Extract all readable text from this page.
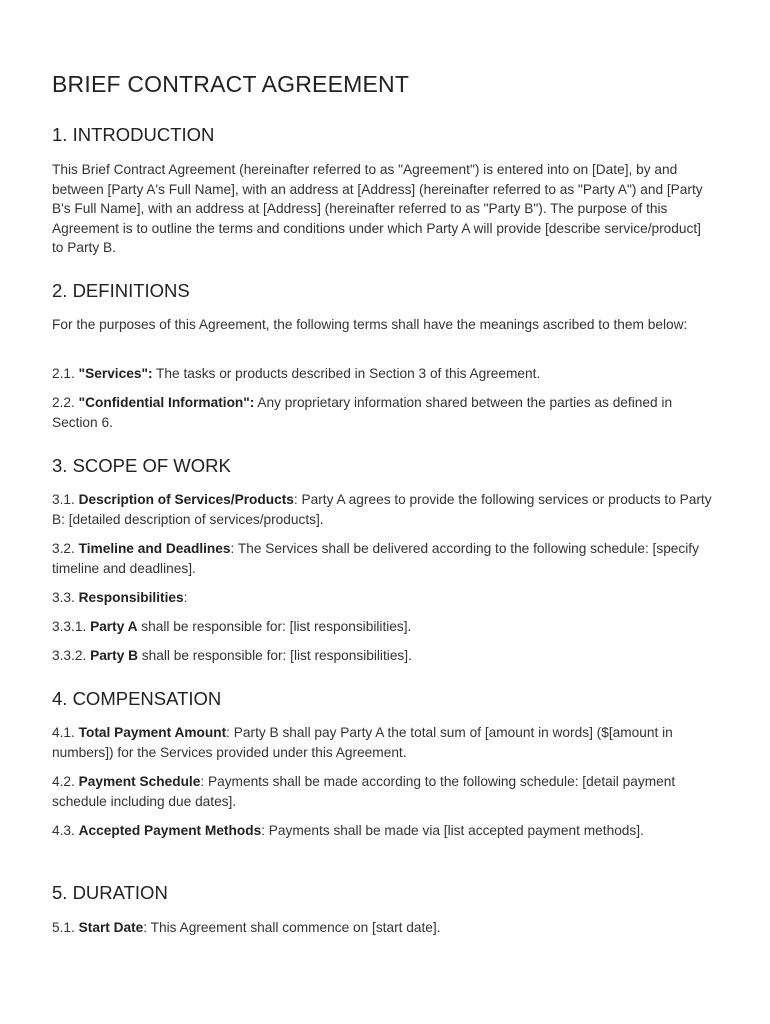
BRIEF CONTRACT AGREEMENT
1. INTRODUCTION

This Brief Contract Agreement (hereinafter referred to as "Agreement") is entered into on [Date], by and between [Party A's Full Name], with an address at [Address] (hereinafter referred to as "Party A") and [Party B's Full Name], with an address at [Address] (hereinafter referred to as "Party B"). The purpose of this Agreement is to outline the terms and conditions under which Party A will provide [describe service/product] to Party B.

2. DEFINITIONS

For the purposes of this Agreement, the following terms shall have the meanings ascribed to them below:

2.1. "Services": The tasks or products described in Section 3 of this Agreement.

2.2. "Confidential Information": Any proprietary information shared between the parties as defined in Section 6.

3. SCOPE OF WORK

3.1. Description of Services/Products: Party A agrees to provide the following services or products to Party B: [detailed description of services/products].

3.2. Timeline and Deadlines: The Services shall be delivered according to the following schedule: [specify timeline and deadlines].

3.3. Responsibilities:

3.3.1. Party A shall be responsible for: [list responsibilities].

3.3.2. Party B shall be responsible for: [list responsibilities].

4. COMPENSATION

4.1. Total Payment Amount: Party B shall pay Party A the total sum of [amount in words] ($[amount in numbers]) for the Services provided under this Agreement.

4.2. Payment Schedule: Payments shall be made according to the following schedule: [detail payment schedule including due dates].

4.3. Accepted Payment Methods: Payments shall be made via [list accepted payment methods].

5. DURATION

5.1. Start Date: This Agreement shall commence on [start date].
